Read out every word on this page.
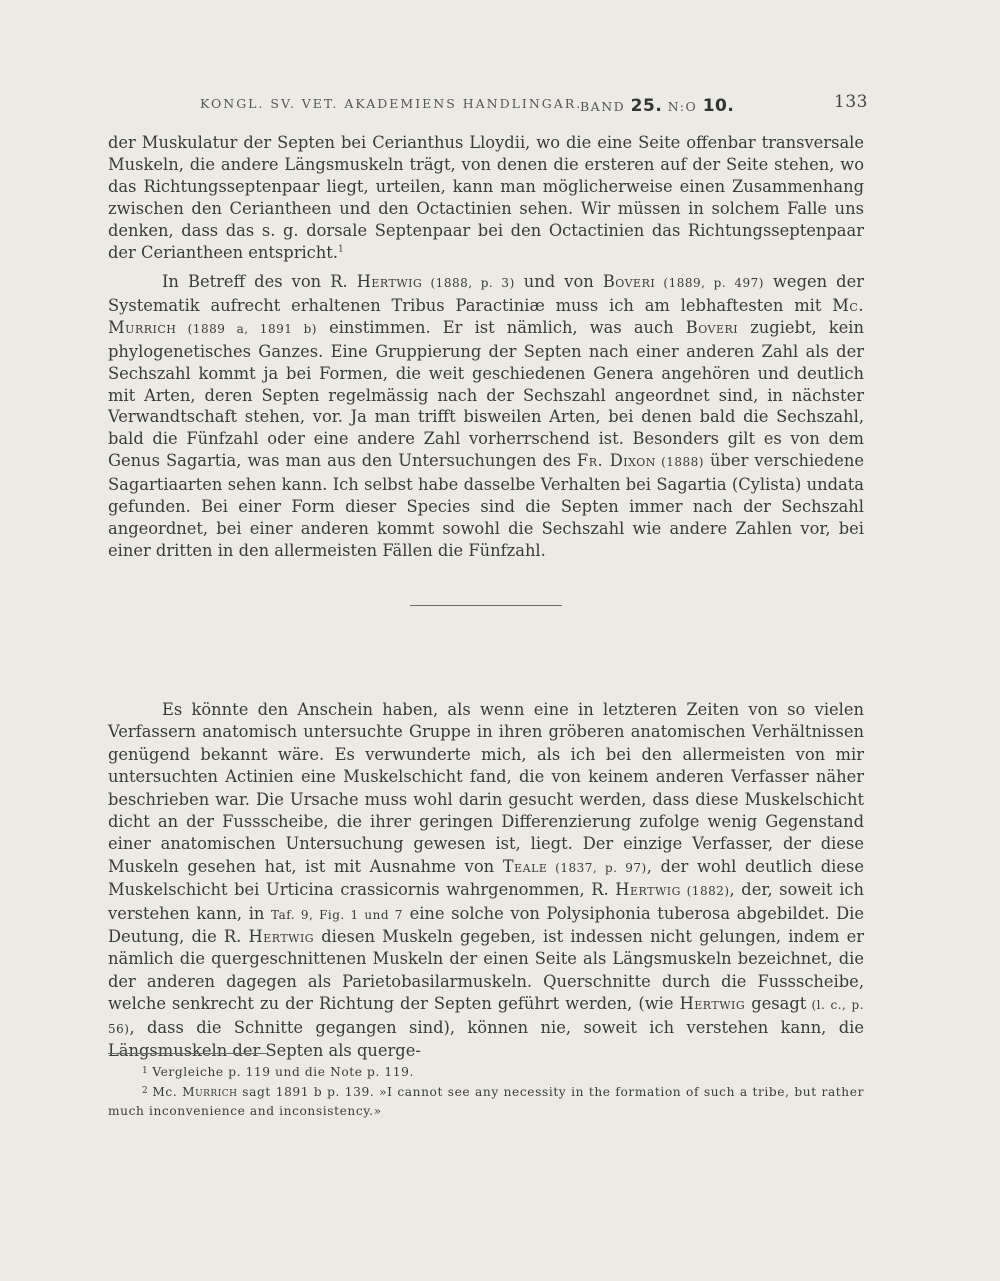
KONGL. SV. VET. AKADEMIENS HANDLINGAR.
BAND 25. N:O 10.	133

der Muskulatur der Septen bei Cerianthus Lloydii, wo die eine Seite offenbar transversale Muskeln, die andere Längsmuskeln trägt, von denen die ersteren auf der Seite stehen, wo das Richtungsseptenpaar liegt, urteilen, kann man möglicherweise einen Zusammenhang zwischen den Ceriantheen und den Octactinien sehen. Wir müssen in solchem Falle uns denken, dass das s. g. dorsale Septenpaar bei den Octactinien das Richtungsseptenpaar der Ceriantheen entspricht.$^1$

In Betreff des von R. Hertwig (1888, p. 3) und von Boveri (1889, p. 497) wegen der Systematik aufrecht erhaltenen Tribus Paractiniæ muss ich am lebhaftesten mit Mc. Murrich (1889 a, 1891 b) einstimmen. Er ist nämlich, was auch Boveri zugiebt, kein phylogenetisches Ganzes. Eine Gruppierung der Septen nach einer anderen Zahl als der Sechszahl kommt ja bei Formen, die weit geschiedenen Genera angehören und deutlich mit Arten, deren Septen regelmässig nach der Sechszahl angeordnet sind, in nächster Verwandtschaft stehen, vor. Ja man trifft bisweilen Arten, bei denen bald die Sechszahl, bald die Fünfzahl oder eine andere Zahl vorherrschend ist. Besonders gilt es von dem Genus Sagartia, was man aus den Untersuchungen des Fr. Dixon (1888) über verschiedene Sagartiaarten sehen kann. Ich selbst habe dasselbe Verhalten bei Sagartia (Cylista) undata gefunden. Bei einer Form dieser Species sind die Septen immer nach der Sechszahl angeordnet, bei einer anderen kommt sowohl die Sechszahl wie andere Zahlen vor, bei einer dritten in den allermeisten Fällen die Fünfzahl.

Es könnte den Anschein haben, als wenn eine in letzteren Zeiten von so vielen Verfassern anatomisch untersuchte Gruppe in ihren gröberen anatomischen Verhältnissen genügend bekannt wäre. Es verwunderte mich, als ich bei den allermeisten von mir untersuchten Actinien eine Muskelschicht fand, die von keinem anderen Verfasser näher beschrieben war. Die Ursache muss wohl darin gesucht werden, dass diese Muskelschicht dicht an der Fussscheibe, die ihrer geringen Differenzierung zufolge wenig Gegenstand einer anatomischen Untersuchung gewesen ist, liegt. Der einzige Verfasser, der diese Muskeln gesehen hat, ist mit Ausnahme von Teale (1837, p. 97), der wohl deutlich diese Muskelschicht bei Urticina crassicornis wahrgenommen, R. Hertwig (1882), der, soweit ich verstehen kann, in Taf. 9, Fig. 1 und 7 eine solche von Polysiphonia tuberosa abgebildet. Die Deutung, die R. Hertwig diesen Muskeln gegeben, ist indessen nicht gelungen, indem er nämlich die quergeschnittenen Muskeln der einen Seite als Längsmuskeln bezeichnet, die der anderen dagegen als Parietobasilarmuskeln. Querschnitte durch die Fussscheibe, welche senkrecht zu der Richtung der Septen geführt werden, (wie Hertwig gesagt (l. c., p. 56), dass die Schnitte gegangen sind), können nie, soweit ich verstehen kann, die Längsmuskeln der Septen als querge-

$^1$ Vergleiche p. 119 und die Note p. 119.

$^2$ Mc. Murrich sagt 1891 b p. 139. »I cannot see any necessity in the formation of such a tribe, but rather much inconvenience and inconsistency.»
